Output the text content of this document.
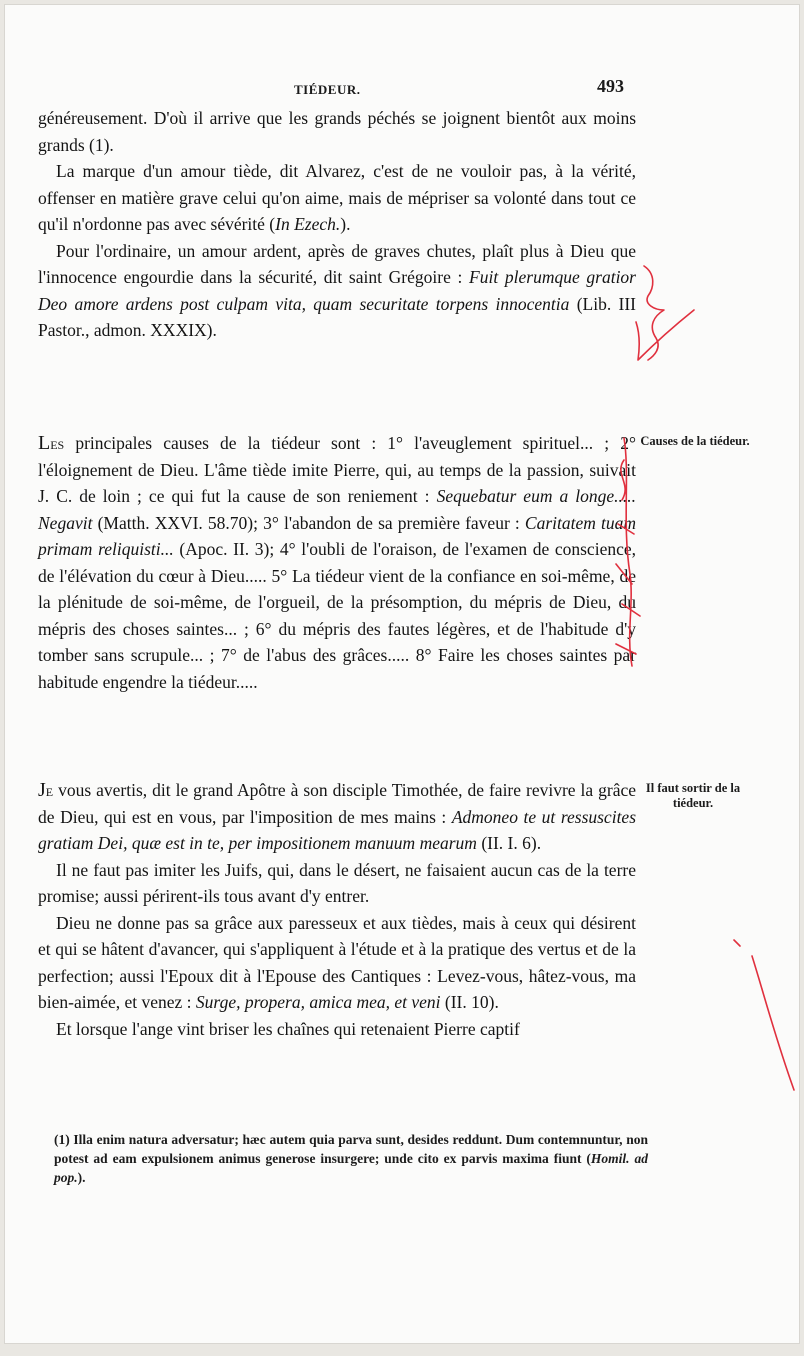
TIÉDEUR.	493

généreusement. D'où il arrive que les grands péchés se joignent bientôt aux moins grands (1).

La marque d'un amour tiède, dit Alvarez, c'est de ne vouloir pas, à la vérité, offenser en matière grave celui qu'on aime, mais de mépriser sa volonté dans tout ce qu'il n'ordonne pas avec sévérité (In Ezech.).

Pour l'ordinaire, un amour ardent, après de graves chutes, plaît plus à Dieu que l'innocence engourdie dans la sécurité, dit saint Grégoire : Fuit plerumque gratior Deo amore ardens post culpam vita, quam securitate torpens innocentia (Lib. III Pastor., admon. XXXIX).

Les principales causes de la tiédeur sont : 1° l'aveuglement spirituel... ; 2° l'éloignement de Dieu. L'âme tiède imite Pierre, qui, au temps de la passion, suivait J. C. de loin ; ce qui fut la cause de son reniement : Sequebatur eum a longe..... Negavit (Matth. XXVI. 58.70); 3° l'abandon de sa première faveur : Caritatem tuam primam reliquisti... (Apoc. II. 3); 4° l'oubli de l'oraison, de l'examen de conscience, de l'élévation du cœur à Dieu..... 5° La tiédeur vient de la confiance en soi-même, de la plénitude de soi-même, de l'orgueil, de la présomption, du mépris de Dieu, du mépris des choses saintes... ; 6° du mépris des fautes légères, et de l'habitude d'y tomber sans scrupule... ; 7° de l'abus des grâces..... 8° Faire les choses saintes par habitude engendre la tiédeur.....

Causes de la tiédeur.

Je vous avertis, dit le grand Apôtre à son disciple Timothée, de faire revivre la grâce de Dieu, qui est en vous, par l'imposition de mes mains : Admoneo te ut ressuscites gratiam Dei, quæ est in te, per impositionem manuum mearum (II. I. 6).

Il ne faut pas imiter les Juifs, qui, dans le désert, ne faisaient aucun cas de la terre promise; aussi périrent-ils tous avant d'y entrer.

Dieu ne donne pas sa grâce aux paresseux et aux tièdes, mais à ceux qui désirent et qui se hâtent d'avancer, qui s'appliquent à l'étude et à la pratique des vertus et de la perfection; aussi l'Epoux dit à l'Epouse des Cantiques : Levez-vous, hâtez-vous, ma bien-aimée, et venez : Surge, propera, amica mea, et veni (II. 10).

Et lorsque l'ange vint briser les chaînes qui retenaient Pierre captif

Il faut sortir de la tiédeur.
(1) Illa enim natura adversatur; hæc autem quia parva sunt, desides reddunt. Dum contemnuntur, non potest ad eam expulsionem animus generose insurgere; unde cito ex parvis maxima fiunt (Homil. ad pop.).
